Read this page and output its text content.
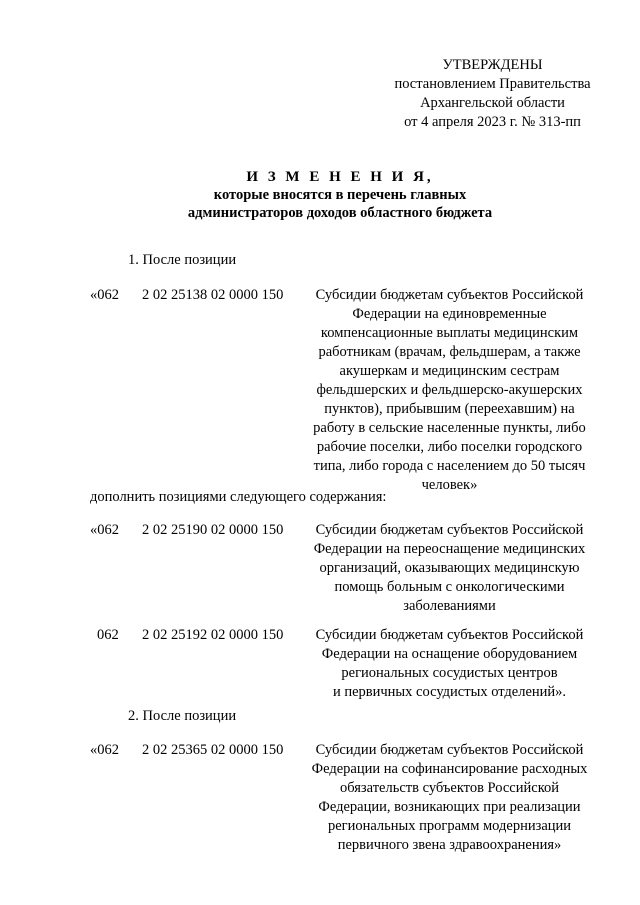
УТВЕРЖДЕНЫ
постановлением Правительства
Архангельской области
от 4 апреля 2023 г. № 313-пп
И З М Е Н Е Н И Я,
которые вносятся в перечень главных
администраторов доходов областного бюджета
1. После позиции
«062 2 02 25138 02 0000 150	Субсидии бюджетам субъектов Российской
Федерации на единовременные
компенсационные выплаты медицинским
работникам (врачам, фельдшерам, а также
акушеркам и медицинским сестрам
фельдшерских и фельдшерско-акушерских
пунктов), прибывшим (переехавшим) на
работу в сельские населенные пункты, либо
рабочие поселки, либо поселки городского
типа, либо города с населением до 50 тысяч
человек»
дополнить позициями следующего содержания:
«062 2 02 25190 02 0000 150	Субсидии бюджетам субъектов Российской
Федерации на переоснащение медицинских
организаций, оказывающих медицинскую
помощь больным с онкологическими
заболеваниями
062 2 02 25192 02 0000 150	Субсидии бюджетам субъектов Российской
Федерации на оснащение оборудованием
региональных сосудистых центров
и первичных сосудистых отделений».
2. После позиции
«062 2 02 25365 02 0000 150	Субсидии бюджетам субъектов Российской
Федерации на софинансирование расходных
обязательств субъектов Российской
Федерации, возникающих при реализации
региональных программ модернизации
первичного звена здравоохранения»
